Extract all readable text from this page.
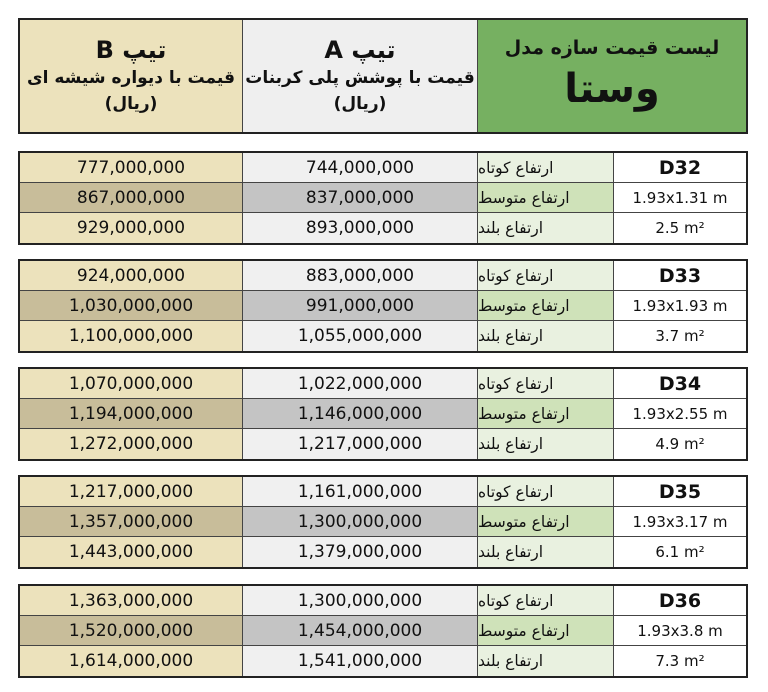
تیپ B
قیمت با دیواره شیشه ای
(ریال)
تیپ A
قیمت با پوشش پلی کربنات
(ریال)
لیست قیمت سازه مدل
وستا
777,000,000	744,000,000	ارتفاع کوتاه	D32
867,000,000	837,000,000	ارتفاع متوسط	1.93x1.31 m
929,000,000	893,000,000	ارتفاع بلند	2.5 m²
924,000,000	883,000,000	ارتفاع کوتاه	D33
1,030,000,000	991,000,000	ارتفاع متوسط	1.93x1.93 m
1,100,000,000	1,055,000,000	ارتفاع بلند	3.7 m²
1,070,000,000	1,022,000,000	ارتفاع کوتاه	D34
1,194,000,000	1,146,000,000	ارتفاع متوسط	1.93x2.55 m
1,272,000,000	1,217,000,000	ارتفاع بلند	4.9 m²
1,217,000,000	1,161,000,000	ارتفاع کوتاه	D35
1,357,000,000	1,300,000,000	ارتفاع متوسط	1.93x3.17 m
1,443,000,000	1,379,000,000	ارتفاع بلند	6.1 m²
1,363,000,000	1,300,000,000	ارتفاع کوتاه	D36
1,520,000,000	1,454,000,000	ارتفاع متوسط	1.93x3.8 m
1,614,000,000	1,541,000,000	ارتفاع بلند	7.3 m²
